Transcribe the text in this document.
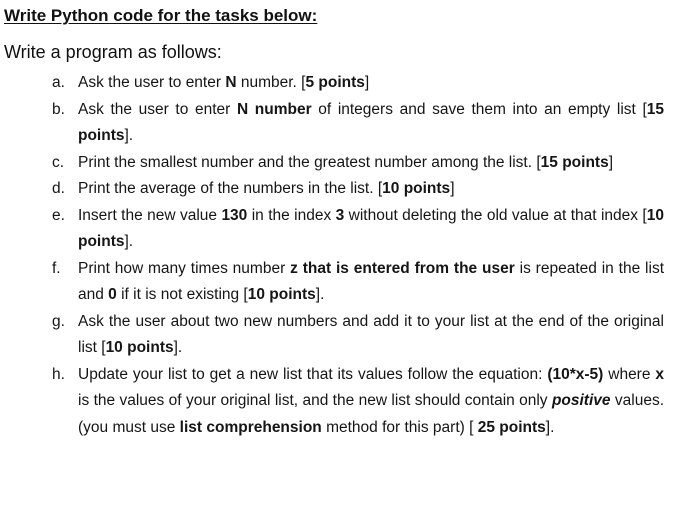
Write Python code for the tasks below:
Write a program as follows:
a. Ask the user to enter N number. [5 points]
b. Ask the user to enter N number of integers and save them into an empty list [15 points].
c. Print the smallest number and the greatest number among the list. [15 points]
d. Print the average of the numbers in the list. [10 points]
e. Insert the new value 130 in the index 3 without deleting the old value at that index [10 points].
f. Print how many times number z that is entered from the user is repeated in the list and 0 if it is not existing [10 points].
g. Ask the user about two new numbers and add it to your list at the end of the original list [10 points].
h. Update your list to get a new list that its values follow the equation: (10*x-5) where x is the values of your original list, and the new list should contain only positive values. (you must use list comprehension method for this part) [ 25 points].
